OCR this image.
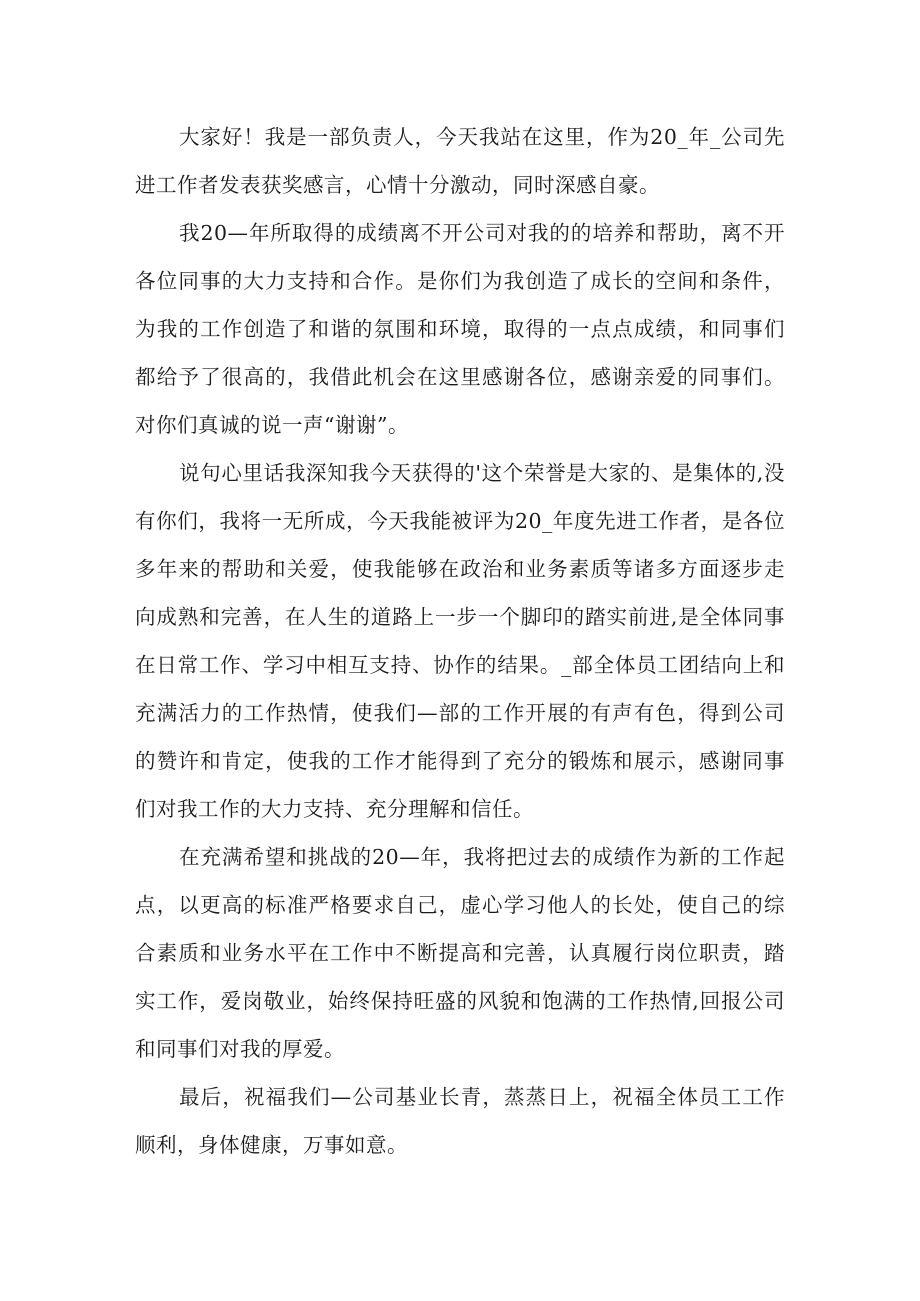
大家好！我是一部负责人，今天我站在这里，作为20_年_公司先进工作者发表获奖感言，心情十分激动，同时深感自豪。

我20—年所取得的成绩离不开公司对我的的培养和帮助，离不开各位同事的大力支持和合作。是你们为我创造了成长的空间和条件，为我的工作创造了和谐的氛围和环境，取得的一点点成绩，和同事们都给予了很高的，我借此机会在这里感谢各位，感谢亲爱的同事们。对你们真诚的说一声“谢谢”。

说句心里话我深知我今天获得的'这个荣誉是大家的、是集体的,没有你们，我将一无所成，今天我能被评为20_年度先进工作者，是各位多年来的帮助和关爱，使我能够在政治和业务素质等诸多方面逐步走向成熟和完善，在人生的道路上一步一个脚印的踏实前进,是全体同事在日常工作、学习中相互支持、协作的结果。_部全体员工团结向上和充满活力的工作热情，使我们—部的工作开展的有声有色，得到公司的赞许和肯定，使我的工作才能得到了充分的锻炼和展示，感谢同事们对我工作的大力支持、充分理解和信任。

在充满希望和挑战的20—年，我将把过去的成绩作为新的工作起点，以更高的标准严格要求自己，虚心学习他人的长处，使自己的综合素质和业务水平在工作中不断提高和完善，认真履行岗位职责，踏实工作，爱岗敬业，始终保持旺盛的风貌和饱满的工作热情,回报公司和同事们对我的厚爱。

最后，祝福我们—公司基业长青，蒸蒸日上，祝福全体员工工作顺利，身体健康，万事如意。
